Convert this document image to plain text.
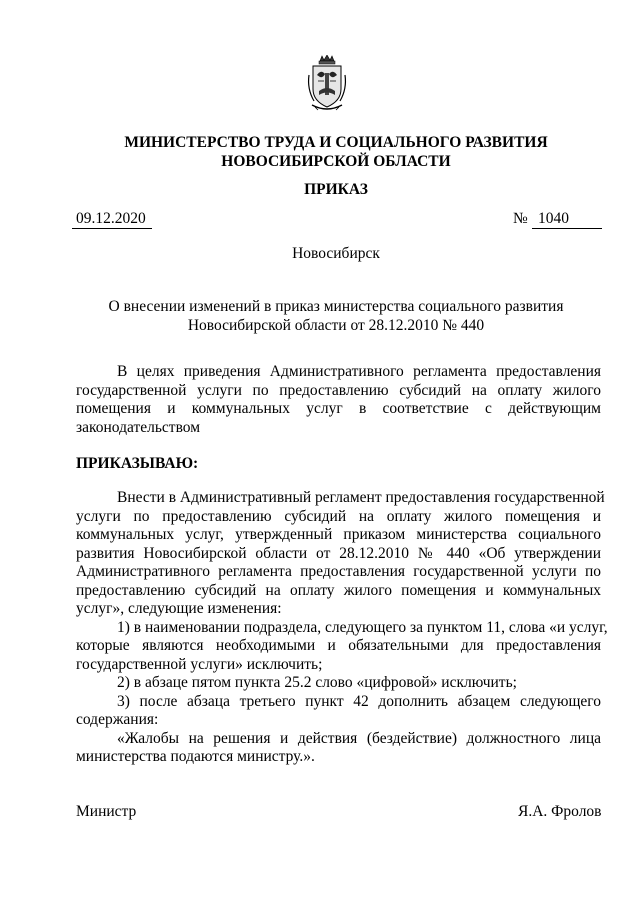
МИНИСТЕРСТВО ТРУДА И СОЦИАЛЬНОГО РАЗВИТИЯ
НОВОСИБИРСКОЙ ОБЛАСТИ
ПРИКАЗ
09.12.2020	№ 1040
Новосибирск
О внесении изменений в приказ министерства социального развития
Новосибирской области от 28.12.2010 № 440
В целях приведения Административного регламента предоставления
государственной услуги по предоставлению субсидий на оплату жилого
помещения и коммунальных услуг в соответствие с действующим
законодательством
ПРИКАЗЫВАЮ:
Внести в Административный регламент предоставления государственной
услуги по предоставлению субсидий на оплату жилого помещения и
коммунальных услуг, утвержденный приказом министерства социального
развития Новосибирской области от 28.12.2010 № 440 «Об утверждении
Административного регламента предоставления государственной услуги по
предоставлению субсидий на оплату жилого помещения и коммунальных
услуг», следующие изменения:
1) в наименовании подраздела, следующего за пунктом 11, слова «и услуг,
которые являются необходимыми и обязательными для предоставления
государственной услуги» исключить;
2) в абзаце пятом пункта 25.2 слово «цифровой» исключить;
3) после абзаца третьего пункт 42 дополнить абзацем следующего
содержания:
«Жалобы на решения и действия (бездействие) должностного лица
министерства подаются министру.».
Министр	Я.А. Фролов
